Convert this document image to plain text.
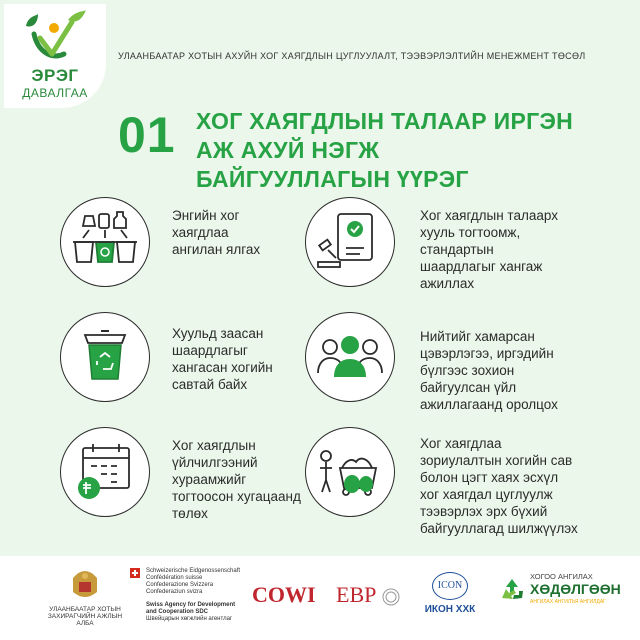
ЭРЭГ
ДАВАЛГАА
УЛААНБААТАР ХОТЫН АХУЙН ХОГ ХАЯГДЛЫН ЦУГЛУУЛАЛТ, ТЭЭВЭРЛЭЛТИЙН МЕНЕЖМЕНТ ТӨСӨЛ
01 ХОГ ХАЯГДЛЫН ТАЛААР ИРГЭН АЖ АХУЙ НЭГЖ БАЙГУУЛЛАГЫН ҮҮРЭГ
Энгийн хог хаягдлаа ангилан ялгах
Хог хаягдлын талаарх хууль тогтоомж, стандартын шаардлагыг хангаж ажиллах
Хуульд заасан шаардлагыг хангасан хогийн савтай байх
Нийтийг хамарсан цэвэрлэгээ, иргэдийн бүлгээс зохион байгуулсан үйл ажиллагаанд оролцох
Хог хаягдлын үйлчилгээний хураамжийг тогтоосон хугацаанд төлөх
Хог хаягдлаа зориулалтын хогийн сав болон цэгт хаях эсхүл хог хаягдал цуглуулж тээвэрлэх эрх бүхий байгууллагад шилжүүлэх
УЛААНБААТАР ХОТЫН ЗАХИРАГЧИЙН АЖЛЫН АЛБА
Schweizerische Eidgenossenschaft
Confédération suisse
Confederazione Svizzera
Confederaziun svizra
Swiss Agency for Development
and Cooperation SDC
Швейцарын хөгжлийн агентлаг
COWI EBP	ICON
ИКОН ХХК
ХОГОО АНГИЛАХ
ХӨДӨЛГӨӨН
АНГИЛАХ АНГИЛЪЯ АНГИЛДАГ
